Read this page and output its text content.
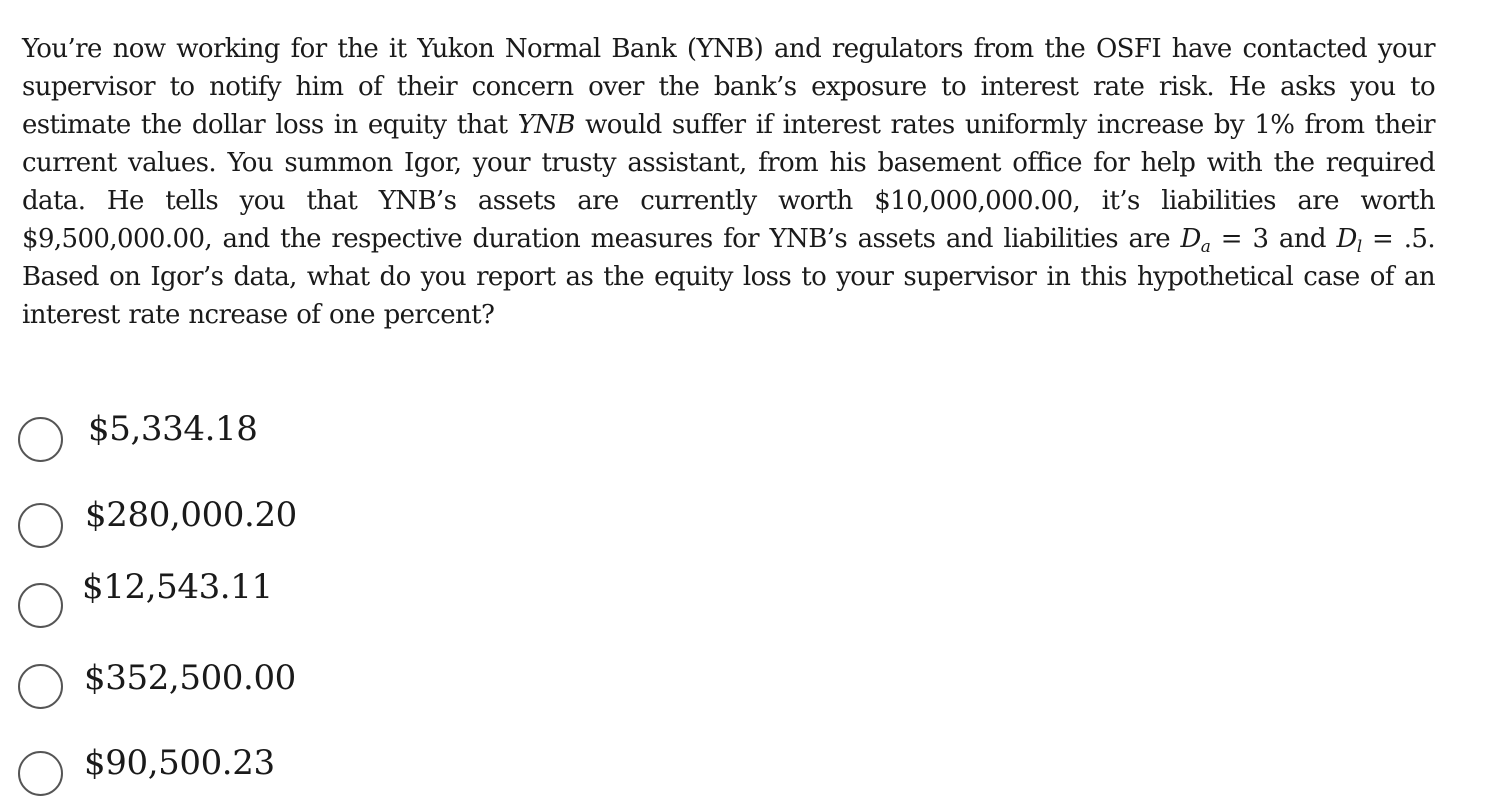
You’re now working for the it Yukon Normal Bank (YNB) and regulators from the OSFI have contacted your supervisor to notify him of their concern over the bank’s exposure to interest rate risk. He asks you to estimate the dollar loss in equity that YNB would suffer if interest rates uniformly increase by 1% from their current values. You summon Igor, your trusty assistant, from his basement office for help with the required data. He tells you that YNB’s assets are currently worth $10,000,000.00, it’s liabilities are worth $9,500,000.00, and the respective duration measures for YNB’s assets and liabilities are $D_a = 3$ and $D_l = .5$. Based on Igor’s data, what do you report as the equity loss to your supervisor in this hypothetical case of an interest rate ncrease of one percent?

$5,334.18
$280,000.20
$12,543.11
$352,500.00
$90,500.23
